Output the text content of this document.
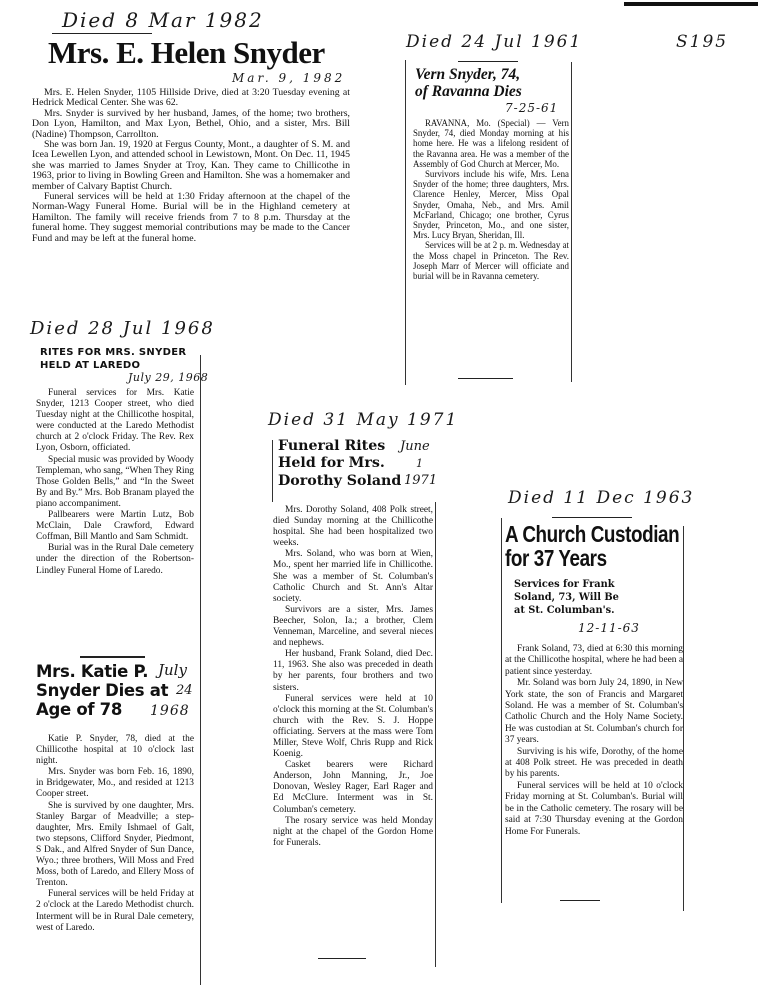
Died 8 Mar 1982
Mrs. E. Helen Snyder
Mar. 9, 1982

Mrs. E. Helen Snyder, 1105 Hillside Drive, died at 3:20 Tuesday evening at Hedrick Medical Center. She was 62.

Mrs. Snyder is survived by her husband, James, of the home; two brothers, Don Lyon, Hamilton, and Max Lyon, Bethel, Ohio, and a sister, Mrs. Bill (Nadine) Thompson, Carrollton.

She was born Jan. 19, 1920 at Fergus County, Mont., a daughter of S. M. and Icea Lewellen Lyon, and attended school in Lewistown, Mont. On Dec. 11, 1945 she was married to James Snyder at Troy, Kan. They came to Chillicothe in 1963, prior to living in Bowling Green and Hamilton. She was a homemaker and member of Calvary Baptist Church.

Funeral services will be held at 1:30 Friday afternoon at the chapel of the Norman-Wagy Funeral Home. Burial will be in the Highland cemetery at Hamilton. The family will receive friends from 7 to 8 p.m. Thursday at the funeral home. They suggest memorial contributions may be made to the Cancer Fund and may be left at the funeral home.

Died 24 Jul 1961	S195
Vern Snyder, 74,
of Ravanna Dies
7-25-61

RAVANNA, Mo. (Special) — Vern Snyder, 74, died Monday morning at his home here. He was a lifelong resident of the Ravanna area. He was a member of the Assembly of God Church at Mercer, Mo.

Survivors include his wife, Mrs. Lena Snyder of the home; three daughters, Mrs. Clarence Henley, Mercer, Miss Opal Snyder, Omaha, Neb., and Mrs. Amil McFarland, Chicago; one brother, Cyrus Snyder, Princeton, Mo., and one sister, Mrs. Lucy Bryan, Sheridan, Ill.

Services will be at 2 p. m. Wednesday at the Moss chapel in Princeton. The Rev. Joseph Marr of Mercer will officiate and burial will be in Ravanna cemetery.

Died 28 Jul 1968
RITES FOR MRS. SNYDER
HELD AT LAREDO
July 29, 1968

Funeral services for Mrs. Katie Snyder, 1213 Cooper street, who died Tuesday night at the Chillicothe hospital, were conducted at the Laredo Methodist church at 2 o'clock Friday. The Rev. Rex Lyon, Osborn, officiated.

Special music was provided by Woody Templeman, who sang, “When They Ring Those Golden Bells,” and “In the Sweet By and By.” Mrs. Bob Branam played the piano accompaniment.

Pallbearers were Martin Lutz, Bob McClain, Dale Crawford, Edward Coffman, Bill Mantlo and Sam Schmidt.

Burial was in the Rural Dale cemetery under the direction of the Robertson-Lindley Funeral Home of Laredo.

Mrs. Katie P.
Snyder Dies at
Age of 78
July
24
1968

Katie P. Snyder, 78, died at the Chillicothe hospital at 10 o'clock last night.

Mrs. Snyder was born Feb. 16, 1890, in Bridgewater, Mo., and resided at 1213 Cooper street.

She is survived by one daughter, Mrs. Stanley Bargar of Meadville; a step-daughter, Mrs. Emily Ishmael of Galt, two stepsons, Clifford Snyder, Piedmont, S Dak., and Alfred Snyder of Sun Dance, Wyo.; three brothers, Will Moss and Fred Moss, both of Laredo, and Ellery Moss of Trenton.

Funeral services will be held Friday at 2 o'clock at the Laredo Methodist church. Interment will be in Rural Dale cemetery, west of Laredo.

Died 31 May 1971
Funeral Rites
Held for Mrs.
Dorothy Soland
June
1
1971

Mrs. Dorothy Soland, 408 Polk street, died Sunday morning at the Chillicothe hospital. She had been hospitalized two weeks.

Mrs. Soland, who was born at Wien, Mo., spent her married life in Chillicothe. She was a member of St. Columban's Catholic Church and St. Ann's Altar society.

Survivors are a sister, Mrs. James Beecher, Solon, Ia.; a brother, Clem Venneman, Marceline, and several nieces and nephews.

Her husband, Frank Soland, died Dec. 11, 1963. She also was preceded in death by her parents, four brothers and two sisters.

Funeral services were held at 10 o'clock this morning at the St. Columban's church with the Rev. S. J. Hoppe officiating. Servers at the mass were Tom Miller, Steve Wolf, Chris Rupp and Rick Koenig.

Casket bearers were Richard Anderson, John Manning, Jr., Joe Donovan, Wesley Rager, Earl Rager and Ed McClure. Interment was in St. Columban's cemetery.

The rosary service was held Monday night at the chapel of the Gordon Home for Funerals.

Died 11 Dec 1963
A Church Custodian
for 37 Years
Services for Frank
Soland, 73, Will Be
at St. Columban's.
12-11-63

Frank Soland, 73, died at 6:30 this morning at the Chillicothe hospital, where he had been a patient since yesterday.

Mr. Soland was born July 24, 1890, in New York state, the son of Francis and Margaret Soland. He was a member of St. Columban's Catholic Church and the Holy Name Society. He was custodian at St. Columban's church for 37 years.

Surviving is his wife, Dorothy, of the home at 408 Polk street. He was preceded in death by his parents.

Funeral services will be held at 10 o'clock Friday morning at St. Columban's. Burial will be in the Catholic cemetery. The rosary will be said at 7:30 Thursday evening at the Gordon Home For Funerals.
